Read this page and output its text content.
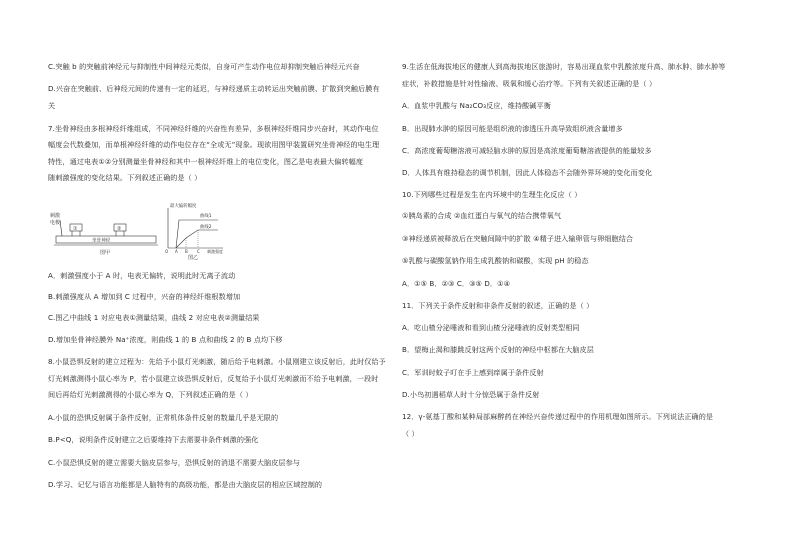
C.突触 b 的突触前神经元与抑制性中间神经元类似，自身可产生动作电位却抑制突触后神经元兴奋
D.兴奋在突触前、后神经元间的传递有一定的延迟，与神经递质主动转运出突触前膜、扩散到突触后膜有
关
7.坐骨神经由多根神经纤维组成，不同神经纤维的兴奋性有差异，多根神经纤维同步兴奋时，其动作电位
幅度会代数叠加，而单根神经纤维的动作电位存在“全或无”现象。现欲用图甲装置研究坐骨神经的电生理
特性，通过电表①②分别测量坐骨神经和其中一根神经纤维上的电位变化，图乙是电表最大偏转幅度
随刺激强度的变化结果。下列叙述正确的是（ ）
刺激
电极
坐骨神经
①	②
图甲
最大偏转幅度
曲线1
曲线2
O A B C 刺激强度
图乙
A．刺激强度小于 A 时，电表无偏转，说明此时无离子流动
B.刺激强度从 A 增加到 C 过程中，兴奋的神经纤维根数增加
C.图乙中曲线 1 对应电表①测量结果，曲线 2 对应电表②测量结果
D.增加坐骨神经膜外 Na⁺浓度，则曲线 1 的 B 点和曲线 2 的 B 点均下移
8.小鼠恐惧反射的建立过程为：先给予小鼠灯光刺激，随后给予电刺激。小鼠刚建立该反射后，此时仅给予
灯光刺激测得小鼠心率为 P，若小鼠建立该恐惧反射后，反复给予小鼠灯光刺激而不给予电刺激，一段时
间后再给灯光刺激测得的小鼠心率为 Q，下列叙述正确的是（ ）
A.小鼠的恐惧反射属于条件反射，正常机体条件反射的数量几乎是无限的
B.P<Q，说明条件反射建立之后要维持下去需要非条件刺激的强化
C.小鼠恐惧反射的建立需要大脑皮层参与，恐惧反射的消退不需要大脑皮层参与
D.学习、记忆与语言功能都是人脑特有的高级功能，都是由大脑皮层的相应区域控制的
9.生活在低海拔地区的健康人到高海拔地区旅游时，容易出现血浆中乳酸浓度升高、肺水肿、肺水肿等
症状，补救措施是针对性输液、吸氧和缓心治疗等。下列有关叙述正确的是（ ）
A．血浆中乳酸与 Na₂CO₃反应，维持酸碱平衡
B．出现肺水肿的原因可能是组织液的渗透压升高导致组织液含量增多
C．高浓度葡萄糖溶液可减轻脑水肿的原因是高浓度葡萄糖溶液提供的能量较多
D．人体具有维持稳态的调节机制，因此人体稳态不会随外界环境的变化而变化
10.下列哪些过程是发生在内环境中的生理生化反应（ ）
①胰岛素的合成 ②血红蛋白与氧气的结合携带氧气
③神经递质被释放后在突触间隙中的扩散 ④精子进入输卵管与卵细胞结合
⑤乳酸与碳酸氢钠作用生成乳酸钠和碳酸，实现 pH 的稳态
A．①⑤ B．②③ C．③⑤ D．①④
11．下列关于条件反射和非条件反射的叙述，正确的是（ ）
A．吃山楂分泌唾液和看到山楂分泌唾液的反射类型相同
B．望梅止渴和膝跳反射这两个反射的神经中枢都在大脑皮层
C．军训时蚊子叮在手上感到痒属于条件反射
D.小鸟初遇稻草人时十分惊恐属于条件反射
12．γ-氨基丁酸和某种局部麻醉药在神经兴奋传递过程中的作用机理如图所示。下列说法正确的是
（ ）
